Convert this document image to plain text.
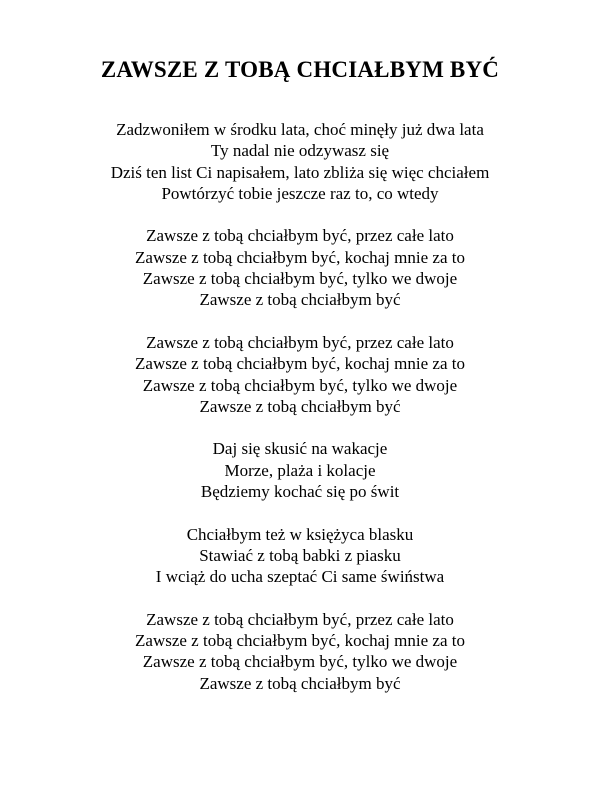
ZAWSZE Z TOBĄ CHCIAŁBYM BYĆ
Zadzwoniłem w środku lata, choć minęły już dwa lata
Ty nadal nie odzywasz się
Dziś ten list Ci napisałem, lato zbliża się więc chciałem
Powtórzyć tobie jeszcze raz to, co wtedy
Zawsze z tobą chciałbym być, przez całe lato
Zawsze z tobą chciałbym być, kochaj mnie za to
Zawsze z tobą chciałbym być, tylko we dwoje
Zawsze z tobą chciałbym być
Zawsze z tobą chciałbym być, przez całe lato
Zawsze z tobą chciałbym być, kochaj mnie za to
Zawsze z tobą chciałbym być, tylko we dwoje
Zawsze z tobą chciałbym być
Daj się skusić na wakacje
Morze, plaża i kolacje
Będziemy kochać się po świt
Chciałbym też w księżyca blasku
Stawiać z tobą babki z piasku
I wciąż do ucha szeptać Ci same świństwa
Zawsze z tobą chciałbym być, przez całe lato
Zawsze z tobą chciałbym być, kochaj mnie za to
Zawsze z tobą chciałbym być, tylko we dwoje
Zawsze z tobą chciałbym być
